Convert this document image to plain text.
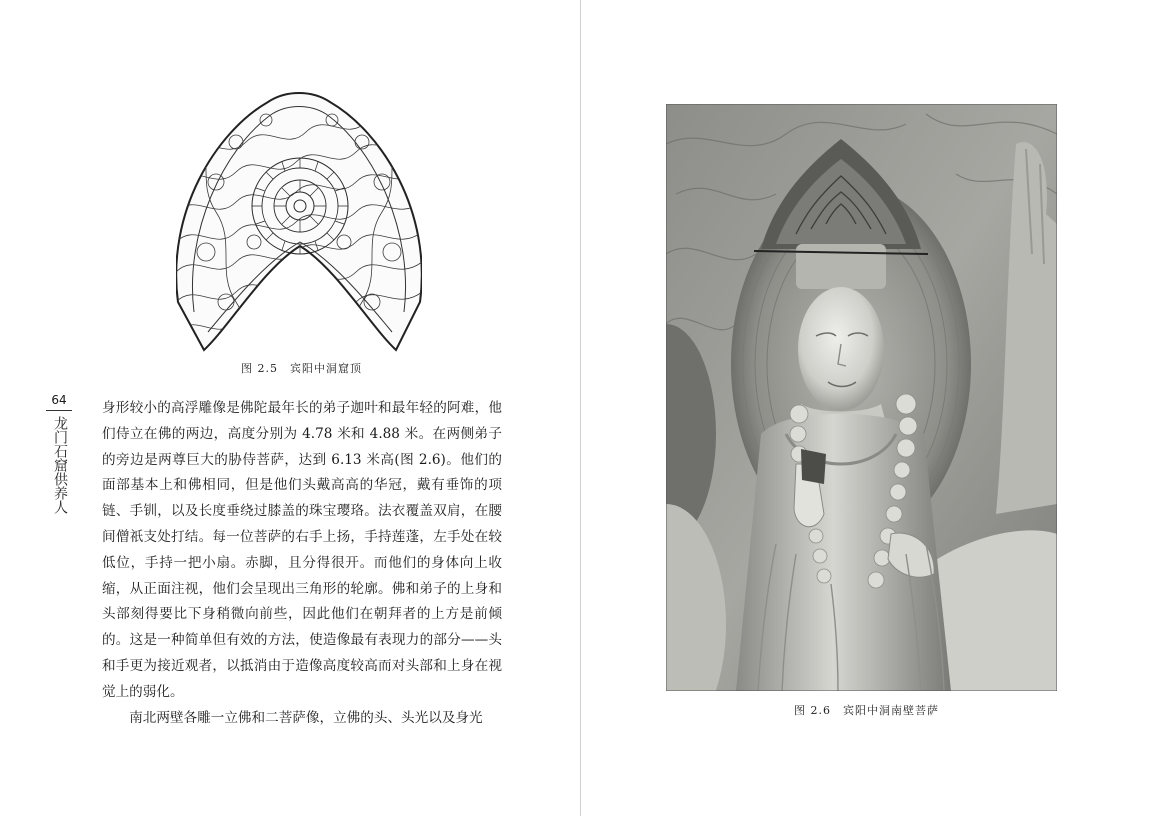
图 2.5　宾阳中洞窟顶
64
龙门石窟供养人

身形较小的高浮雕像是佛陀最年长的弟子迦叶和最年轻的阿难，他们侍立在佛的两边，高度分别为 4.78 米和 4.88 米。在两侧弟子的旁边是两尊巨大的胁侍菩萨，达到 6.13 米高(图 2.6)。他们的面部基本上和佛相同，但是他们头戴高高的华冠，戴有垂饰的项链、手钏，以及长度垂绕过膝盖的珠宝璎珞。法衣覆盖双肩，在腰间僧祇支处打结。每一位菩萨的右手上扬，手持莲蓬，左手处在较低位，手持一把小扇。赤脚，且分得很开。而他们的身体向上收缩，从正面注视，他们会呈现出三角形的轮廓。佛和弟子的上身和头部刻得要比下身稍微向前些，因此他们在朝拜者的上方是前倾的。这是一种简单但有效的方法，使造像最有表现力的部分——头和手更为接近观者，以抵消由于造像高度较高而对头部和上身在视觉上的弱化。

南北两壁各雕一立佛和二菩萨像，立佛的头、头光以及身光	图 2.6　宾阳中洞南壁菩萨
